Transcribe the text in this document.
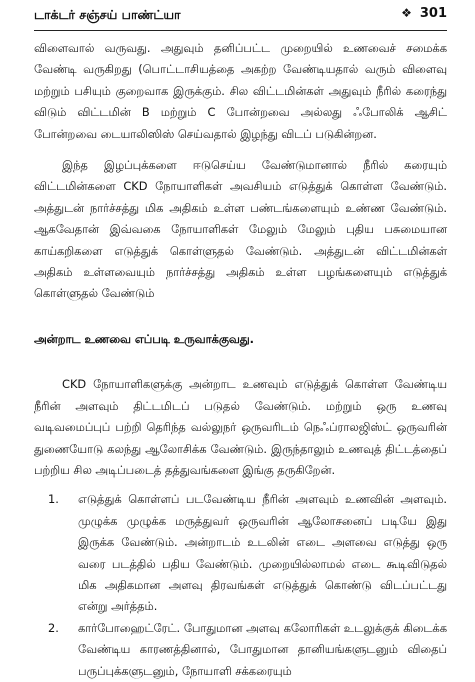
டாக்டர் சஞ்சய் பாண்ட்யா	❖ 301

விளைவால் வருவது. அதுவும் தனிப்பட்ட முறையில் உணவைச் சமைக்க வேண்டி வருகிறது (பொட்டாசியத்தை அகற்ற வேண்டியதால் வரும் விளைவு மற்றும் பசியும் குறைவாக இருக்கும். சில விட்டமின்கள் அதுவும் நீரில் கரைந்து விடும் விட்டமின் B மற்றும் C போன்றவை அல்லது ஃபோலிக் ஆசிட் போன்றவை டையாலிஸிஸ் செய்வதால் இழந்து விடப் படுகின்றன.

இந்த இழப்புக்களை ஈடுசெய்ய வேண்டுமானால் நீரில் கரையும் விட்டமின்களை CKD நோயாளிகள் அவசியம் எடுத்துக் கொள்ள வேண்டும். அத்துடன் நார்ச்சத்து மிக அதிகம் உள்ள பண்டங்களையும் உண்ண வேண்டும். ஆகவேதான் இவ்வகை நோயாளிகள் மேலும் மேலும் புதிய பசுமையான காய்கறிகளை எடுத்துக் கொள்ளுதல் வேண்டும். அத்துடன் விட்டமின்கள் அதிகம் உள்ளவையும் நார்ச்சத்து அதிகம் உள்ள பழங்களையும் எடுத்துக் கொள்ளுதல் வேண்டும்

அன்றாட உணவை எப்படி உருவாக்குவது.

CKD நோயாளிகளுக்கு அன்றாட உணவும் எடுத்துக் கொள்ள வேண்டிய நீரின் அளவும் திட்டமிடப் படுதல் வேண்டும். மற்றும் ஒரு உணவு வடிவமைப்புப் பற்றி தெரிந்த வல்லுநர் ஒருவரிடம் நெஃப்ராலஜிஸ்ட் ஒருவரின் துணையோடு கலந்து ஆலோசிக்க வேண்டும். இருந்தாலும் உணவுத் திட்டத்தைப் பற்றிய சில அடிப்படைத் தத்துவங்களை இங்கு தருகிறேன்.

1. எடுத்துக் கொள்ளப் படவேண்டிய நீரின் அளவும் உணவின் அளவும். முழுக்க முழுக்க மருத்துவர் ஒருவரின் ஆலோசனைப் படியே இது இருக்க வேண்டும். அன்றாடம் உடலின் எடை அளவை எடுத்து ஒரு வரை படத்தில் பதிய வேண்டும். முறையில்லாமல் எடை கூடிவிடுதல் மிக அதிகமான அளவு திரவங்கள் எடுத்துக் கொண்டு விடப்பட்டது என்று அர்த்தம்.
2. கார்போஹைட்ரேட். போதுமான அளவு கலோரிகள் உடலுக்குக் கிடைக்க வேண்டிய காரணத்தினால், போதுமான தானியங்களுடனும் விதைப் பருப்புக்களுடனும், நோயாளி சக்கரையும்
